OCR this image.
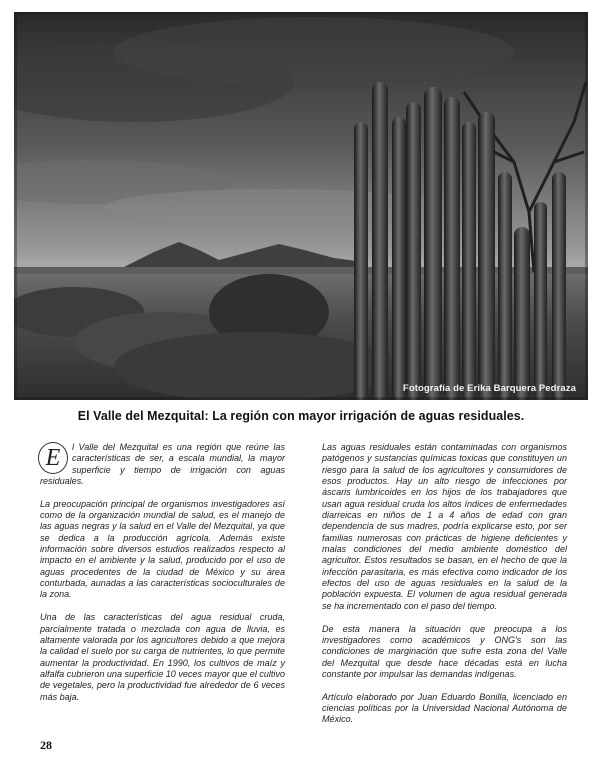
Fotografía de Erika Barquera Pedraza
El Valle del Mezquital: La región con mayor irrigación de aguas residuales.

E	l Valle del Mezquital es una región que reúne las características de ser, a escala mundial, la mayor superficie y tiempo de irrigación con aguas residuales.

La preocupación principal de organismos investigadores así como de la organización mundial de salud, es el manejo de las aguas negras y la salud en el Valle del Mezquital, ya que se dedica a la producción agrícola. Además existe información sobre diversos estudios realizados respecto al impacto en el ambiente y la salud, producido por el uso de aguas procedentes de la ciudad de México y su área conturbada, aunadas a las características socioculturales de la zona.

Una de las características del agua residual cruda, parcialmente tratada o mezclada con agua de lluvia, es altamente valorada por los agricultores debido a que mejora la calidad el suelo por su carga de nutrientes, lo que permite aumentar la productividad. En 1990, los cultivos de maíz y alfalfa cubrieron una superficie 10 veces mayor que el cultivo de vegetales, pero la productividad fue alrededor de 6 veces más baja.

Las aguas residuales están contaminadas con organismos patógenos y sustancias químicas toxicas que constituyen un riesgo para la salud de los agricultores y consumidores de esos productos. Hay un alto riesgo de infecciones por áscaris lumbricoides en los hijos de los trabajadores que usan agua residual cruda los altos índices de enfermedades diarreicas en niños de 1 a 4 años de edad con gran dependencia de sus madres, podría explicarse esto, por ser familias numerosas con prácticas de higiene deficientes y malas condiciones del medio ambiente doméstico del agricultor. Estos resultados se basan, en el hecho de que la infección parasitaria, es más efectiva como indicador de los efectos del uso de aguas residuales en la salud de la población expuesta. El volumen de agua residual generada se ha incrementado con el paso del tiempo.

De esta manera la situación que preocupa a los investigadores como académicos y ONG's son las condiciones de marginación que sufre esta zona del Valle del Mezquital que desde hace décadas está en lucha constante por impulsar las demandas indígenas.

Artículo elaborado por Juan Eduardo Bonilla, licenciado en ciencias políticas por la Universidad Nacional Autónoma de México.

28
